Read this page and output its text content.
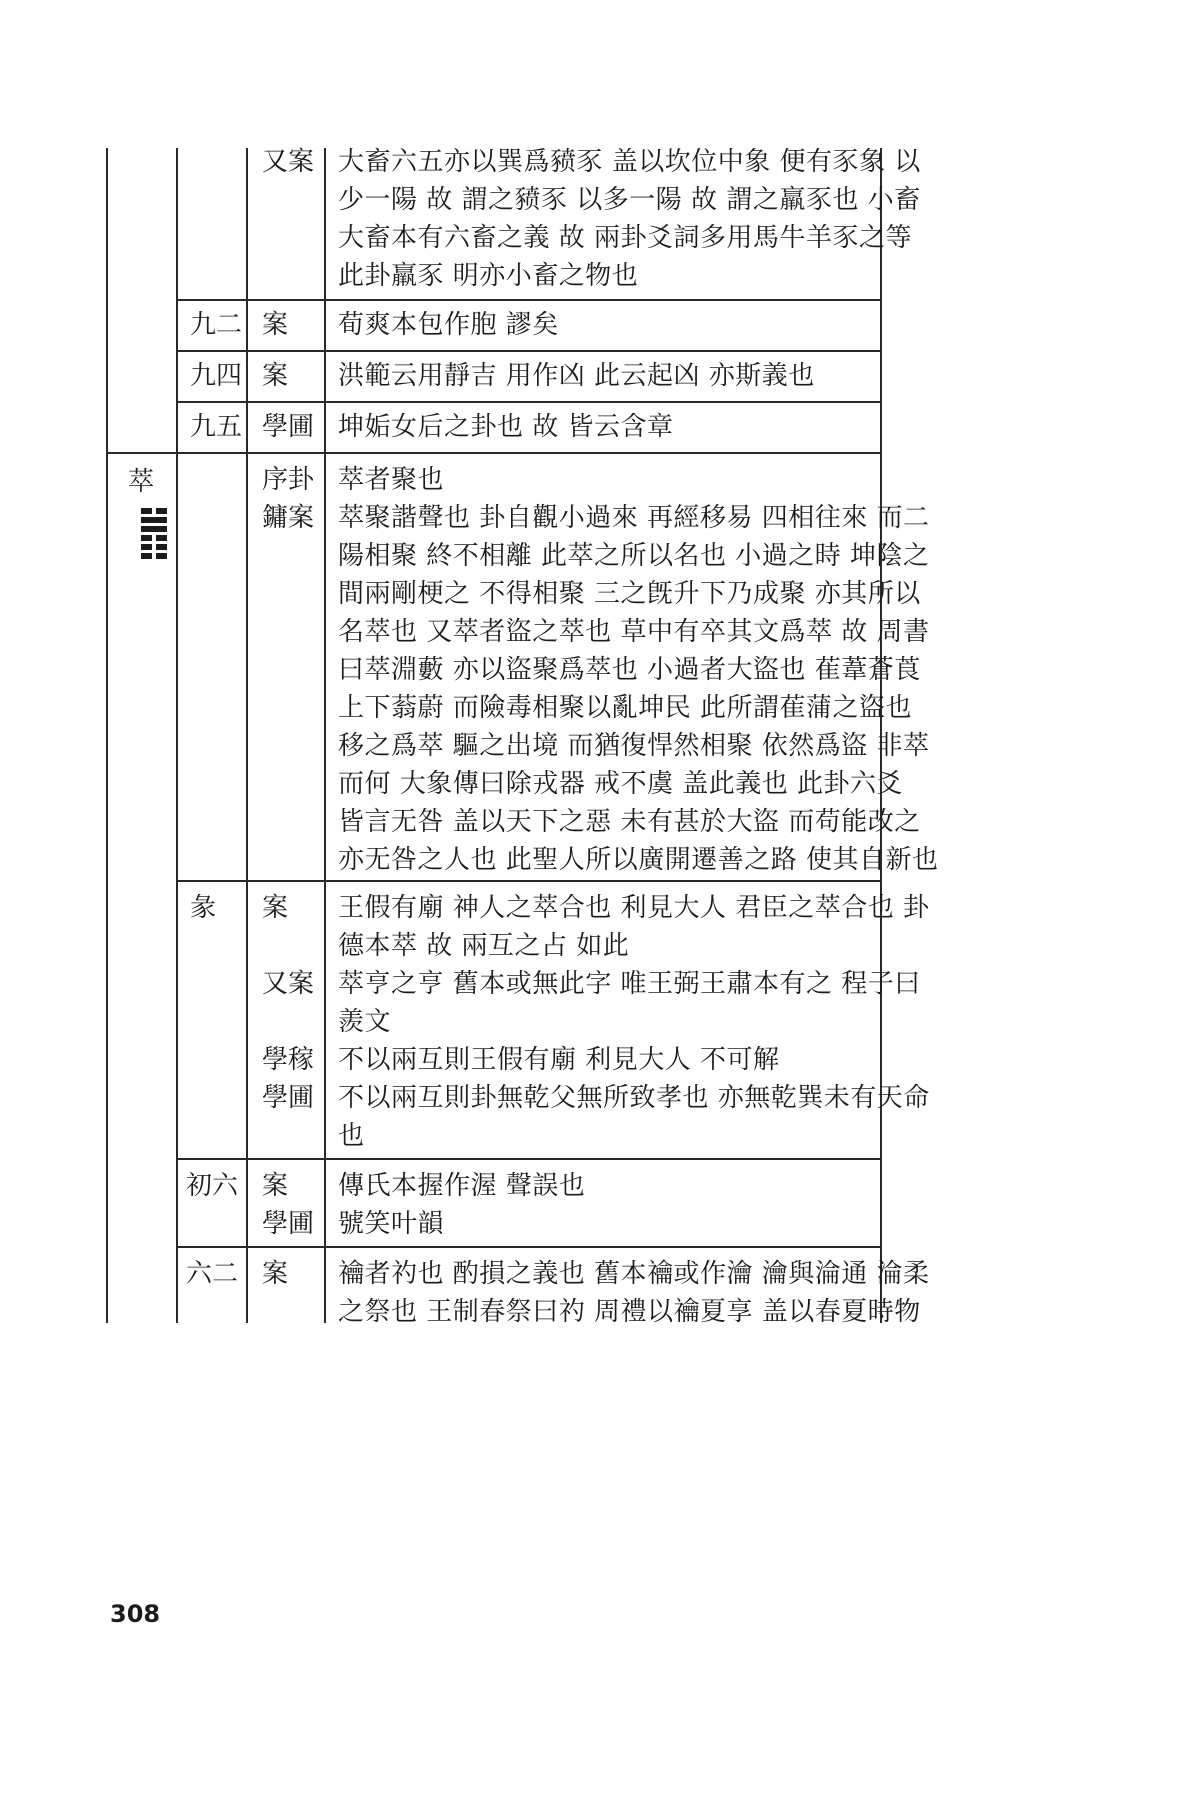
萃
又案 大畜六五亦以巽爲豮豕 盖以坎位中象 便有豕象 以
少一陽 故 謂之豮豕 以多一陽 故 謂之羸豕也 小畜
大畜本有六畜之義 故 兩卦爻詞多用馬牛羊豕之等
此卦羸豕 明亦小畜之物也
九二 案 荀爽本包作胞 謬矣
九四 案 洪範云用靜吉 用作凶 此云起凶 亦斯義也
九五 學圃 坤姤女后之卦也 故 皆云含章
序卦 萃者聚也
鏞案 萃聚諧聲也 卦自觀小過來 再經移易 四相往來 而二
陽相聚 終不相離 此萃之所以名也 小過之時 坤陰之
間兩剛梗之 不得相聚 三之旣升下乃成聚 亦其所以
名萃也 又萃者盜之萃也 草中有卒其文爲萃 故 周書
曰萃淵藪 亦以盜聚爲萃也 小過者大盜也 萑葦蒼莨
上下蓊蔚 而險毒相聚以亂坤民 此所謂萑蒲之盜也
移之爲萃 驅之出境 而猶復悍然相聚 依然爲盜 非萃
而何 大象傳曰除戎器 戒不虞 盖此義也 此卦六爻
皆言无咎 盖以天下之惡 未有甚於大盜 而苟能改之
亦无咎之人也 此聖人所以廣開遷善之路 使其自新也
彖 案 王假有廟 神人之萃合也 利見大人 君臣之萃合也 卦
德本萃 故 兩互之占 如此
又案 萃亨之亨 舊本或無此字 唯王弼王肅本有之 程子曰
羨文
學稼 不以兩互則王假有廟 利見大人 不可解
學圃 不以兩互則卦無乾父無所致孝也 亦無乾巽未有天命
也
初六 案 傳氏本握作渥 聲誤也
學圃 號笑叶韻
六二 案 禴者礿也 酌損之義也 舊本禴或作瀹 瀹與淪通 淪柔
之祭也 王制春祭曰礿 周禮以禴夏享 盖以春夏時物
308
